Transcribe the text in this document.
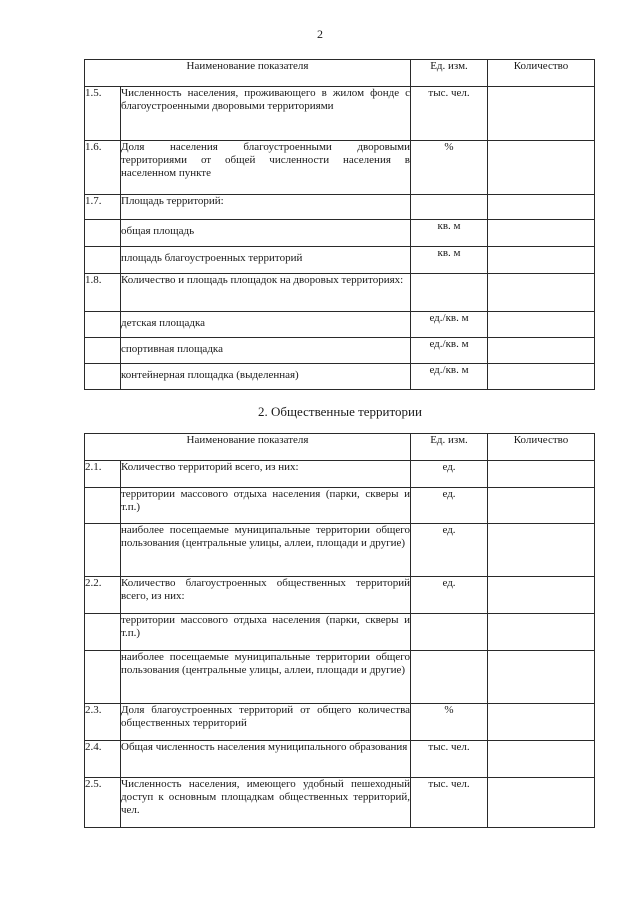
2
Наименование показателя		Ед. изм.	Количество
1.5.	Численность населения, проживающего в жилом фонде с благоустроенными дворовыми территориями	тыс. чел.	
1.6.	Доля населения благоустроенными дворовыми территориями от общей численности населения в населенном пункте	%	
1.7.	Площадь территорий:		
	общая площадь	кв. м	
	площадь благоустроенных территорий	кв. м	
1.8.	Количество и площадь площадок на дворовых территориях:		
	детская площадка	ед./кв. м	
	спортивная площадка	ед./кв. м	
	контейнерная площадка (выделенная)	ед./кв. м	
2. Общественные территории
Наименование показателя		Ед. изм.	Количество
2.1.	Количество территорий всего, из них:	ед.	
	территории массового отдыха населения (парки, скверы и т.п.)	ед.	
	наиболее посещаемые муниципальные территории общего пользования (центральные улицы, аллеи, площади и другие)	ед.	
2.2.	Количество благоустроенных общественных территорий всего, из них:	ед.	
	территории массового отдыха населения (парки, скверы и т.п.)		
	наиболее посещаемые муниципальные территории общего пользования (центральные улицы, аллеи, площади и другие)		
2.3.	Доля благоустроенных территорий от общего количества общественных территорий	%	
2.4.	Общая численность населения муниципального образования	тыс. чел.	
2.5.	Численность населения, имеющего удобный пешеходный доступ к основным площадкам общественных территорий, чел.	тыс. чел.	
